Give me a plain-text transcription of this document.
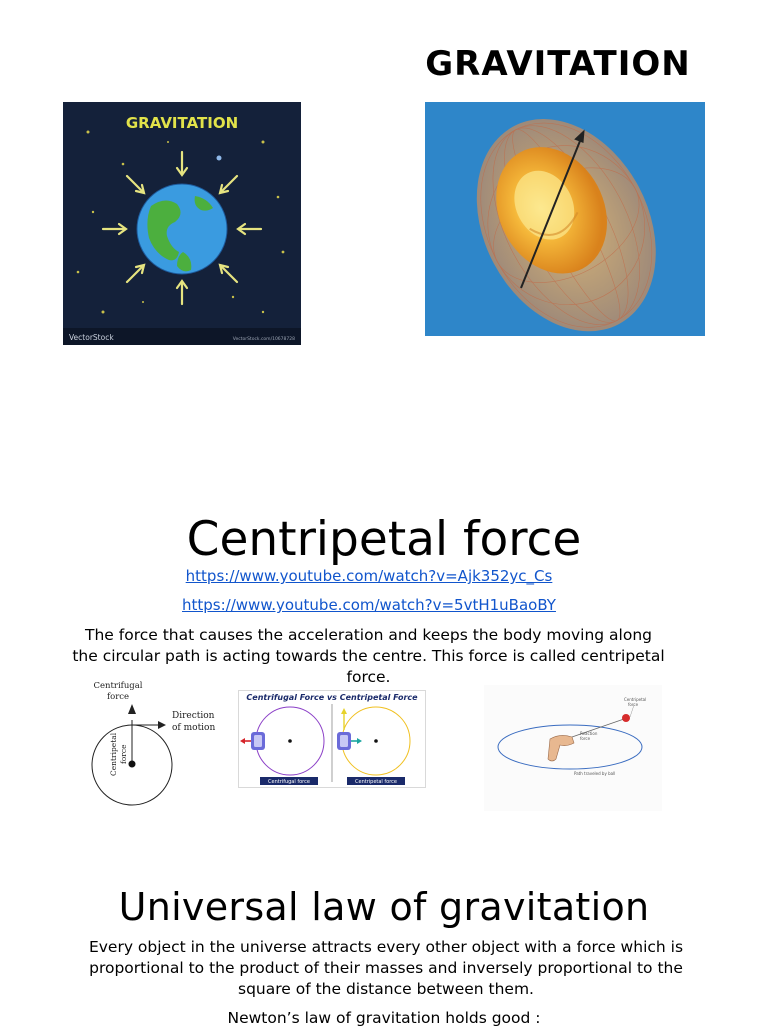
GRAVITATION
GRAVITATION
VectorStock	VectorStock.com/10678728
Centripetal force
https://www.youtube.com/watch?v=Ajk352yc_Cs
https://www.youtube.com/watch?v=5vtH1uBaoBY
The force that causes the acceleration and keeps the body moving along the circular path is acting towards the centre. This force is called centripetal force.
Centrifugal
force
Direction
of motion
Centripetal force
Centrifugal Force vs Centripetal Force
Centrifugal force	Centripetal force
Reaction
force
Centripetal
force
Path traveled by ball
Universal law of gravitation
Every object in the universe attracts every other object with a force which is proportional to the product of their masses and inversely proportional to the square of the distance between them.
Newton’s law of gravitation holds good :
